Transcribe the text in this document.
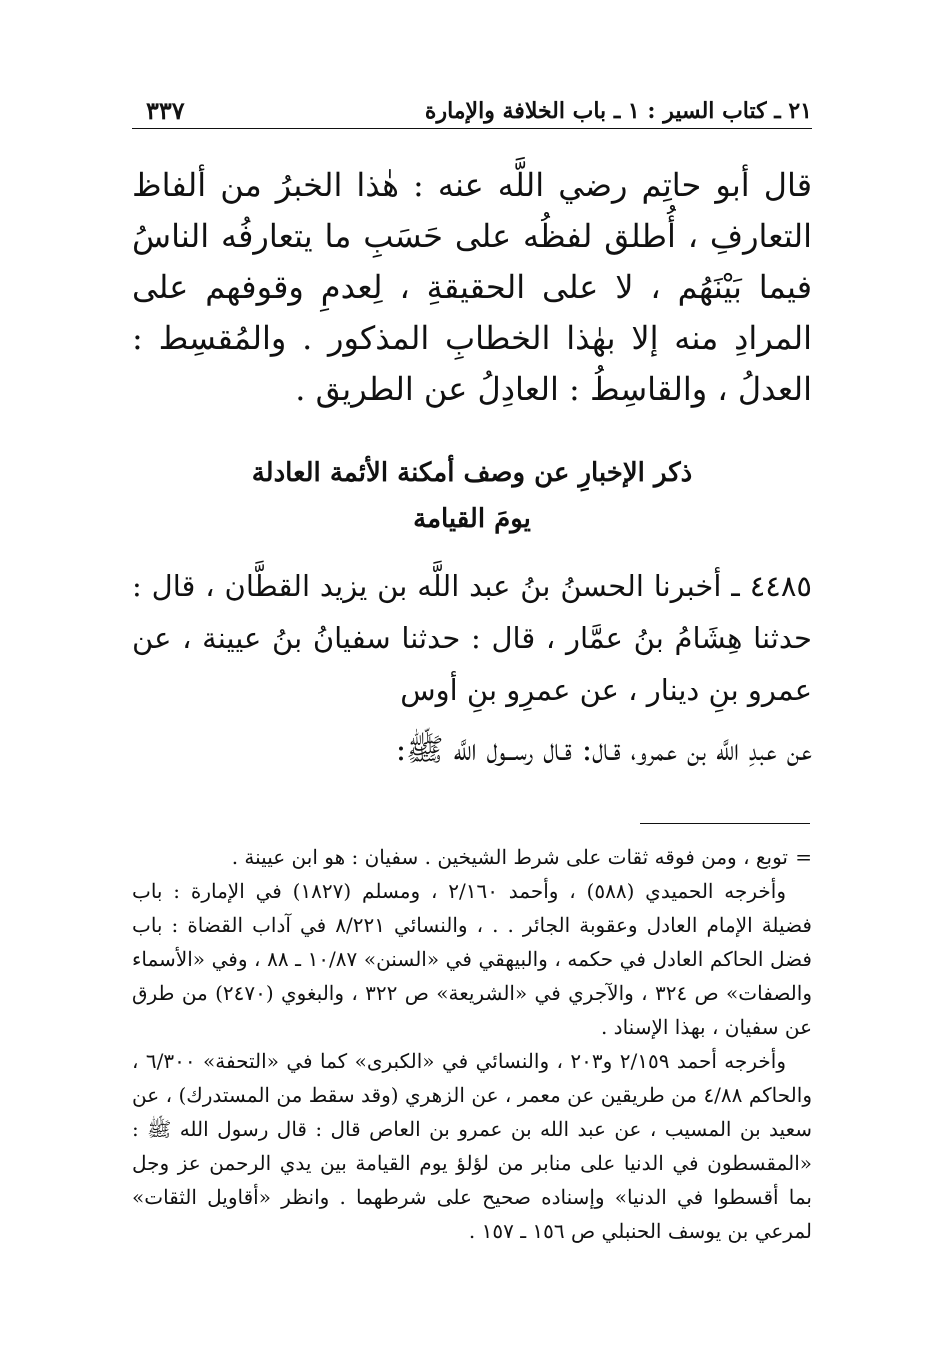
٢١ ـ كتاب السير : ١ ـ باب الخلافة والإمارة
٣٣٧

قال أبو حاتِم رضي اللَّه عنه : هٰذا الخبرُ من ألفاظ التعارفِ ، أُطلق لفظُه على حَسَبِ ما يتعارفُه الناسُ فيما بَيْنَهُم ، لا على الحقيقةِ ، لِعدمِ وقوفهم على المرادِ منه إلا بهٰذا الخطابِ المذكور . والمُقسِط : العدلُ ، والقاسِطُ : العادِلُ عن الطريق .

ذكر الإخبارِ عن وصف أمكنة الأئمة العادلة
يومَ القيامة

٤٤٨٥ ـ أخبرنا الحسنُ بنُ عبد اللَّه بن يزيد القطَّان ، قال : حدثنا هِشَامُ بنُ عمَّار ، قال : حدثنا سفيانُ بنُ عيينة ، عن عمرو بنِ دينار ، عن عمرِو بنِ أوس

عن عبدِ اللَّه بن عمرو، قـال: قـال رســول اللَّه ﷺ:

=
توبع ، ومن فوقه ثقات على شرط الشيخين . سفيان : هو ابن عيينة .

وأخرجه الحميدي (٥٨٨) ، وأحمد ٢/١٦٠ ، ومسلم (١٨٢٧) في الإمارة : باب فضيلة الإمام العادل وعقوبة الجائر . . ، والنسائي ٨/٢٢١ في آداب القضاة : باب فضل الحاكم العادل في حكمه ، والبيهقي في «السنن» ١٠/٨٧ ـ ٨٨ ، وفي «الأسماء والصفات» ص ٣٢٤ ، والآجري في «الشريعة» ص ٣٢٢ ، والبغوي (٢٤٧٠) من طرق عن سفيان ، بهذا الإسناد .

وأخرجه أحمد ٢/١٥٩ و٢٠٣ ، والنسائي في «الكبرى» كما في «التحفة» ٦/٣٠٠ ، والحاكم ٤/٨٨ من طريقين عن معمر ، عن الزهري (وقد سقط من المستدرك) ، عن سعيد بن المسيب ، عن عبد الله بن عمرو بن العاص قال : قال رسول الله ﷺ : «المقسطون في الدنيا على منابر من لؤلؤ يوم القيامة بين يدي الرحمن عز وجل بما أقسطوا في الدنيا» وإسناده صحيح على شرطهما . وانظر «أقاويل الثقات» لمرعي بن يوسف الحنبلي ص ١٥٦ ـ ١٥٧ .
